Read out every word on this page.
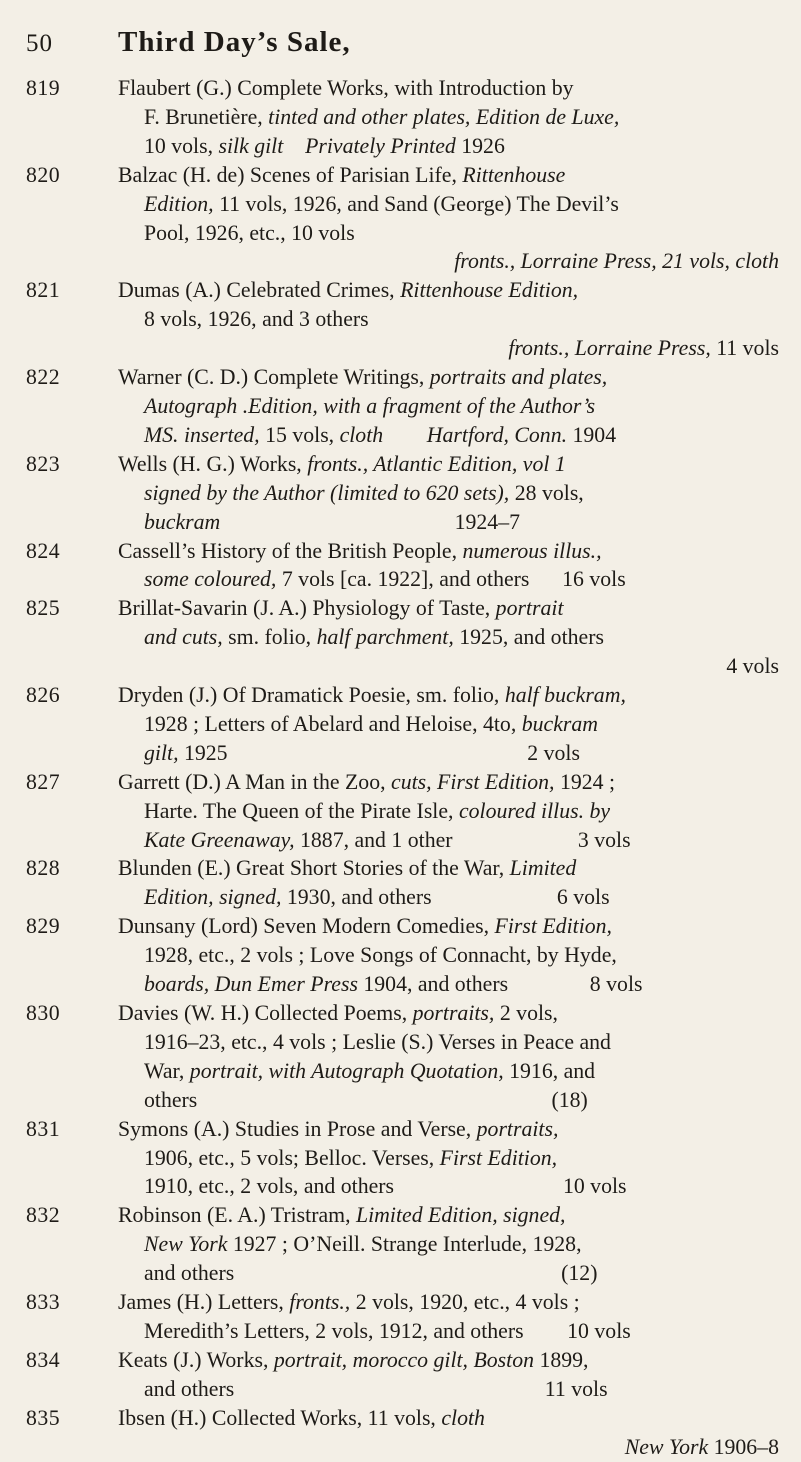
50	Third Day’s Sale,
819	Flaubert (G.) Complete Works, with Introduction by
F. Brunetière, tinted and other plates, Edition de Luxe,
10 vols, silk gilt
Privately Printed 1926
820	Balzac (H. de) Scenes of Parisian Life, Rittenhouse
Edition, 11 vols, 1926, and Sand (George) The Devil’s
Pool, 1926, etc., 10 vols
fronts., Lorraine Press, 21 vols, cloth
821	Dumas (A.) Celebrated Crimes, Rittenhouse Edition,
8 vols, 1926, and 3 others
fronts., Lorraine Press, 11 vols
822	Warner (C. D.) Complete Writings, portraits and plates,
Autograph .Edition, with a fragment of the Author’s
MS. inserted, 15 vols, cloth
Hartford, Conn. 1904
823	Wells (H. G.) Works, fronts., Atlantic Edition, vol 1
signed by the Author (limited to 620 sets), 28 vols,
buckram 1924–7
824	Cassell’s History of the British People, numerous illus.,
some coloured, 7 vols [ca. 1922], and others      16 vols
825	Brillat-Savarin (J. A.) Physiology of Taste, portrait
and cuts, sm. folio, half parchment, 1925, and others
4 vols
826	Dryden (J.) Of Dramatick Poesie, sm. folio, half buckram,
1928 ; Letters of Abelard and Heloise, 4to, buckram
gilt, 1925                                                       2 vols
827	Garrett (D.) A Man in the Zoo, cuts, First Edition, 1924 ;
Harte. The Queen of the Pirate Isle, coloured illus. by
Kate Greenaway, 1887, and 1 other                       3 vols
828	Blunden (E.) Great Short Stories of the War, Limited
Edition, signed, 1930, and others                       6 vols
829	Dunsany (Lord) Seven Modern Comedies, First Edition,
1928, etc., 2 vols ; Love Songs of Connacht, by Hyde,
boards, Dun Emer Press 1904, and others               8 vols
830	Davies (W. H.) Collected Poems, portraits, 2 vols,
1916–23, etc., 4 vols ; Leslie (S.) Verses in Peace and
War, portrait, with Autograph Quotation, 1916, and
others                                                                 (18)
831	Symons (A.) Studies in Prose and Verse, portraits,
1906, etc., 5 vols; Belloc. Verses, First Edition,
1910, etc., 2 vols, and others                               10 vols
832	Robinson (E. A.) Tristram, Limited Edition, signed,
New York 1927 ; O’Neill. Strange Interlude, 1928,
and others                                                            (12)
833	James (H.) Letters, fronts., 2 vols, 1920, etc., 4 vols ;
Meredith’s Letters, 2 vols, 1912, and others        10 vols
834	Keats (J.) Works, portrait, morocco gilt, Boston 1899,
and others                                                         11 vols
835	Ibsen (H.) Collected Works, 11 vols, cloth
New York 1906–8
